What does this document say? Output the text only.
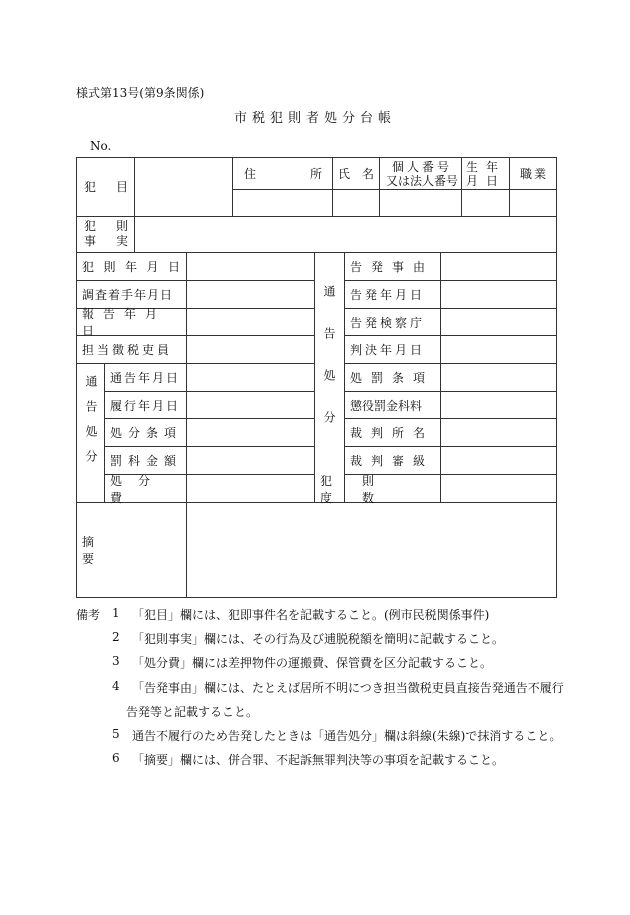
様式第13号(第9条関係)
市税犯則者処分台帳
No.
犯 目
住	所 氏 名 個人番号
又は法人番号
生年
月日
職業
犯 則
事 実
犯 則 年 月 日
調査着手年月日
報告年月日
担当徴税吏員
通告処分 通告年月日
履行年月日
処分条項
罰科金額
通告処分
告発事由
告発年月日
告発検察庁
判決年月日
処罰条項
懲役罰金科料
裁判所名
裁判審級
処分費
犯則度数
摘要
備考 1 「犯目」欄には、犯即事件名を記載すること。(例市民税関係事件)
2 「犯則事実」欄には、その行為及び逋脱税額を簡明に記載すること。
3 「処分費」欄には差押物件の運搬費、保管費を区分記載すること。
4 「告発事由」欄には、たとえば居所不明につき担当徴税吏員直接告発通告不履行
告発等と記載すること。
5 通告不履行のため告発したときは「通告処分」欄は斜線(朱線)で抹消すること。
6 「摘要」欄には、併合罪、不起訴無罪判決等の事項を記載すること。
